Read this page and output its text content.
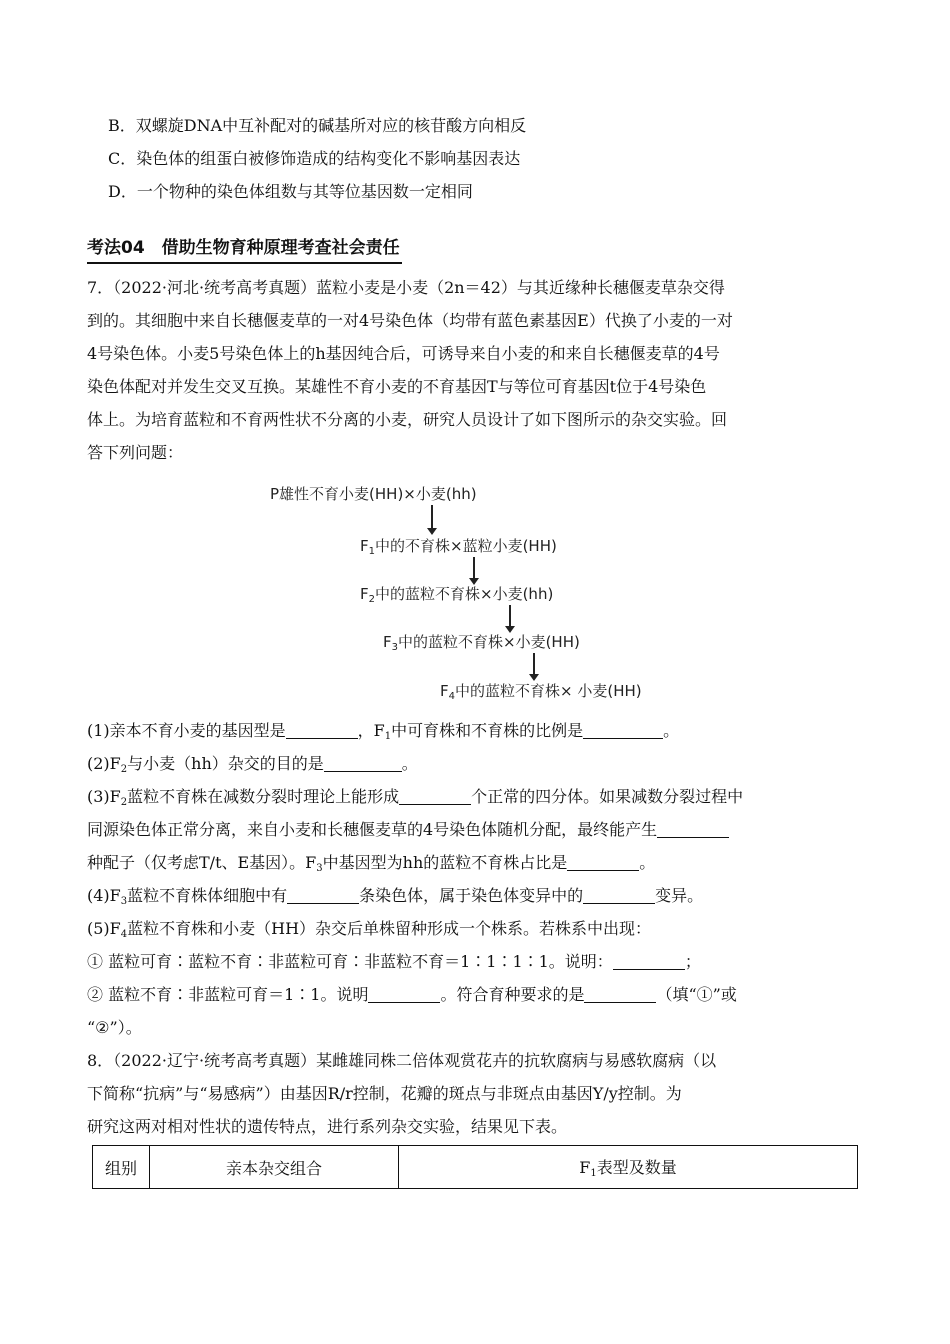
B．双螺旋DNA中互补配对的碱基所对应的核苷酸方向相反
C．染色体的组蛋白被修饰造成的结构变化不影响基因表达
D．一个物种的染色体组数与其等位基因数一定相同
考法04　借助生物育种原理考查社会责任
7．（2022·河北·统考高考真题）蓝粒小麦是小麦（2n＝42）与其近缘种长穗偃麦草杂交得
到的。其细胞中来自长穗偃麦草的一对4号染色体（均带有蓝色素基因E）代换了小麦的一对
4号染色体。小麦5号染色体上的h基因纯合后，可诱导来自小麦的和来自长穗偃麦草的4号
染色体配对并发生交叉互换。某雄性不育小麦的不育基因T与等位可育基因t位于4号染色
体上。为培育蓝粒和不育两性状不分离的小麦，研究人员设计了如下图所示的杂交实验。回
答下列问题：
P雄性不育小麦(HH)×小麦(hh)
$F_1$中的不育株×蓝粒小麦(HH)
$F_2$中的蓝粒不育株×小麦(hh)
$F_3$中的蓝粒不育株×小麦(HH)
$F_4$中的蓝粒不育株× 小麦(HH)
(1)亲本不育小麦的基因型是	，$F_1$中可育株和不育株的比例是	。
$(2)F_2$与小麦（hh）杂交的目的是	。
$(3)F_2$蓝粒不育株在减数分裂时理论上能形成	个正常的四分体。如果减数分裂过程中
同源染色体正常分离，来自小麦和长穗偃麦草的4号染色体随机分配，最终能产生
种配子（仅考虑T/t、E基因）。$F_3$中基因型为hh的蓝粒不育株占比是	。
$(4)F_3$蓝粒不育株体细胞中有	条染色体，属于染色体变异中的	变异。
$(5)F_4$蓝粒不育株和小麦（HH）杂交后单株留种形成一个株系。若株系中出现：
① 蓝粒可育∶蓝粒不育∶非蓝粒可育∶非蓝粒不育＝1∶1∶1∶1。说明：	；
② 蓝粒不育∶非蓝粒可育＝1∶1。说明	。符合育种要求的是	（填“①”或
“②”）。
8．（2022·辽宁·统考高考真题）某雌雄同株二倍体观赏花卉的抗软腐病与易感软腐病（以
下简称“抗病”与“易感病”）由基因R/r控制，花瓣的斑点与非斑点由基因Y/y控制。为
研究这两对相对性状的遗传特点，进行系列杂交实验，结果见下表。
组别	亲本杂交组合	$F_1$表型及数量
